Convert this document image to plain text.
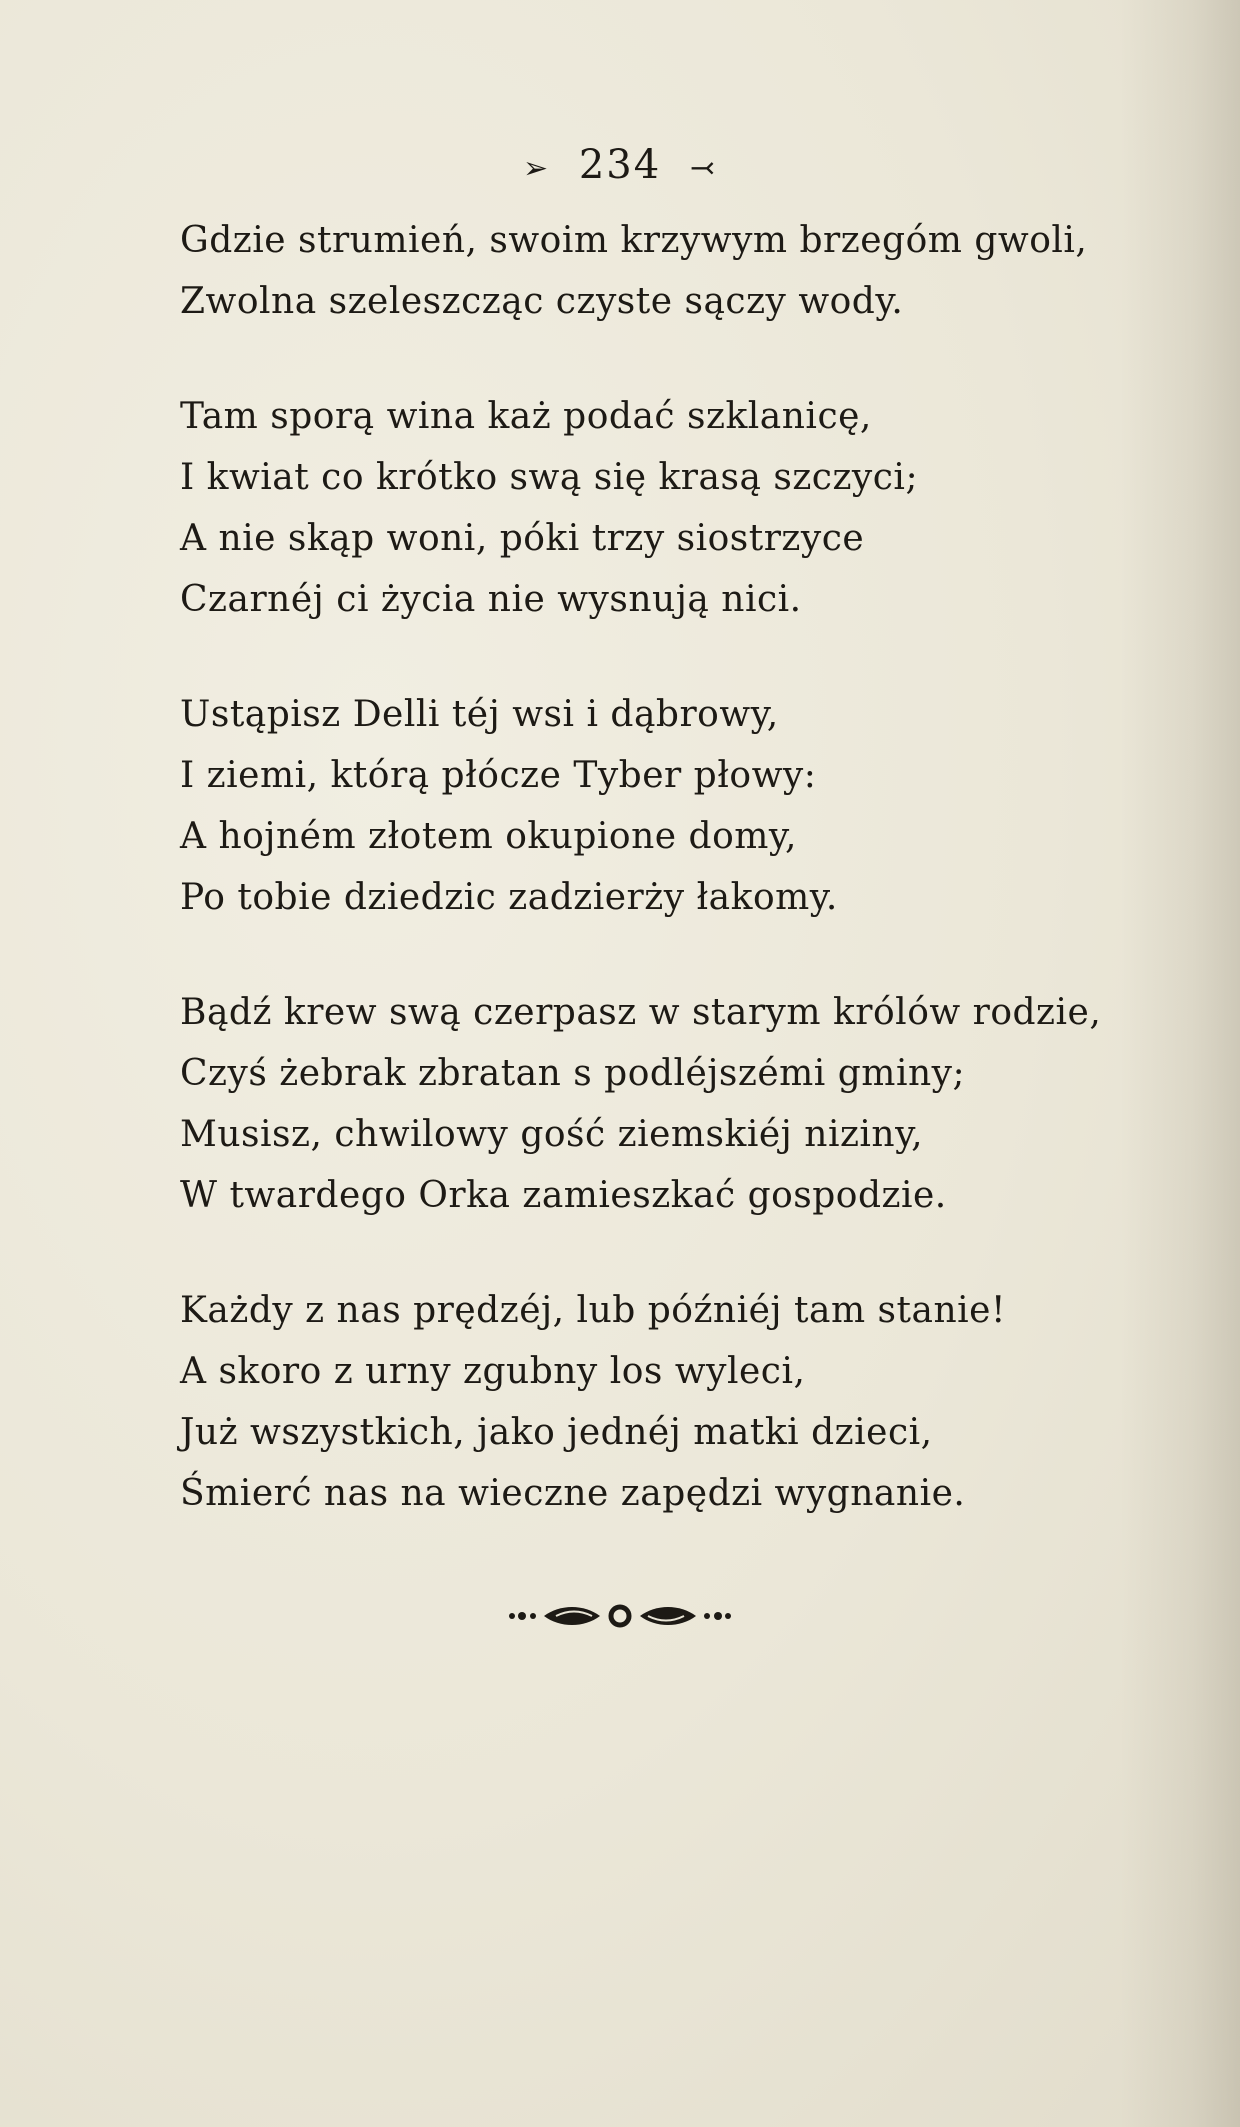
➢ 234 ⤙
Gdzie strumień, swoim krzywym brzegóm gwoli,
Zwolna szeleszcząc czyste sączy wody.
Tam sporą wina każ podać szklanicę,
I kwiat co krótko swą się krasą szczyci;
A nie skąp woni, póki trzy siostrzyce
Czarnéj ci życia nie wysnują nici.
Ustąpisz Delli téj wsi i dąbrowy,
I ziemi, którą płócze Tyber płowy:
A hojném złotem okupione domy,
Po tobie dziedzic zadzierży łakomy.
Bądź krew swą czerpasz w starym królów rodzie,
Czyś żebrak zbratan s podléjszémi gminy;
Musisz, chwilowy gość ziemskiéj niziny,
W twardego Orka zamieszkać gospodzie.
Każdy z nas prędzéj, lub późniéj tam stanie!
A skoro z urny zgubny los wyleci,
Już wszystkich, jako jednéj matki dzieci,
Śmierć nas na wieczne zapędzi wygnanie.
